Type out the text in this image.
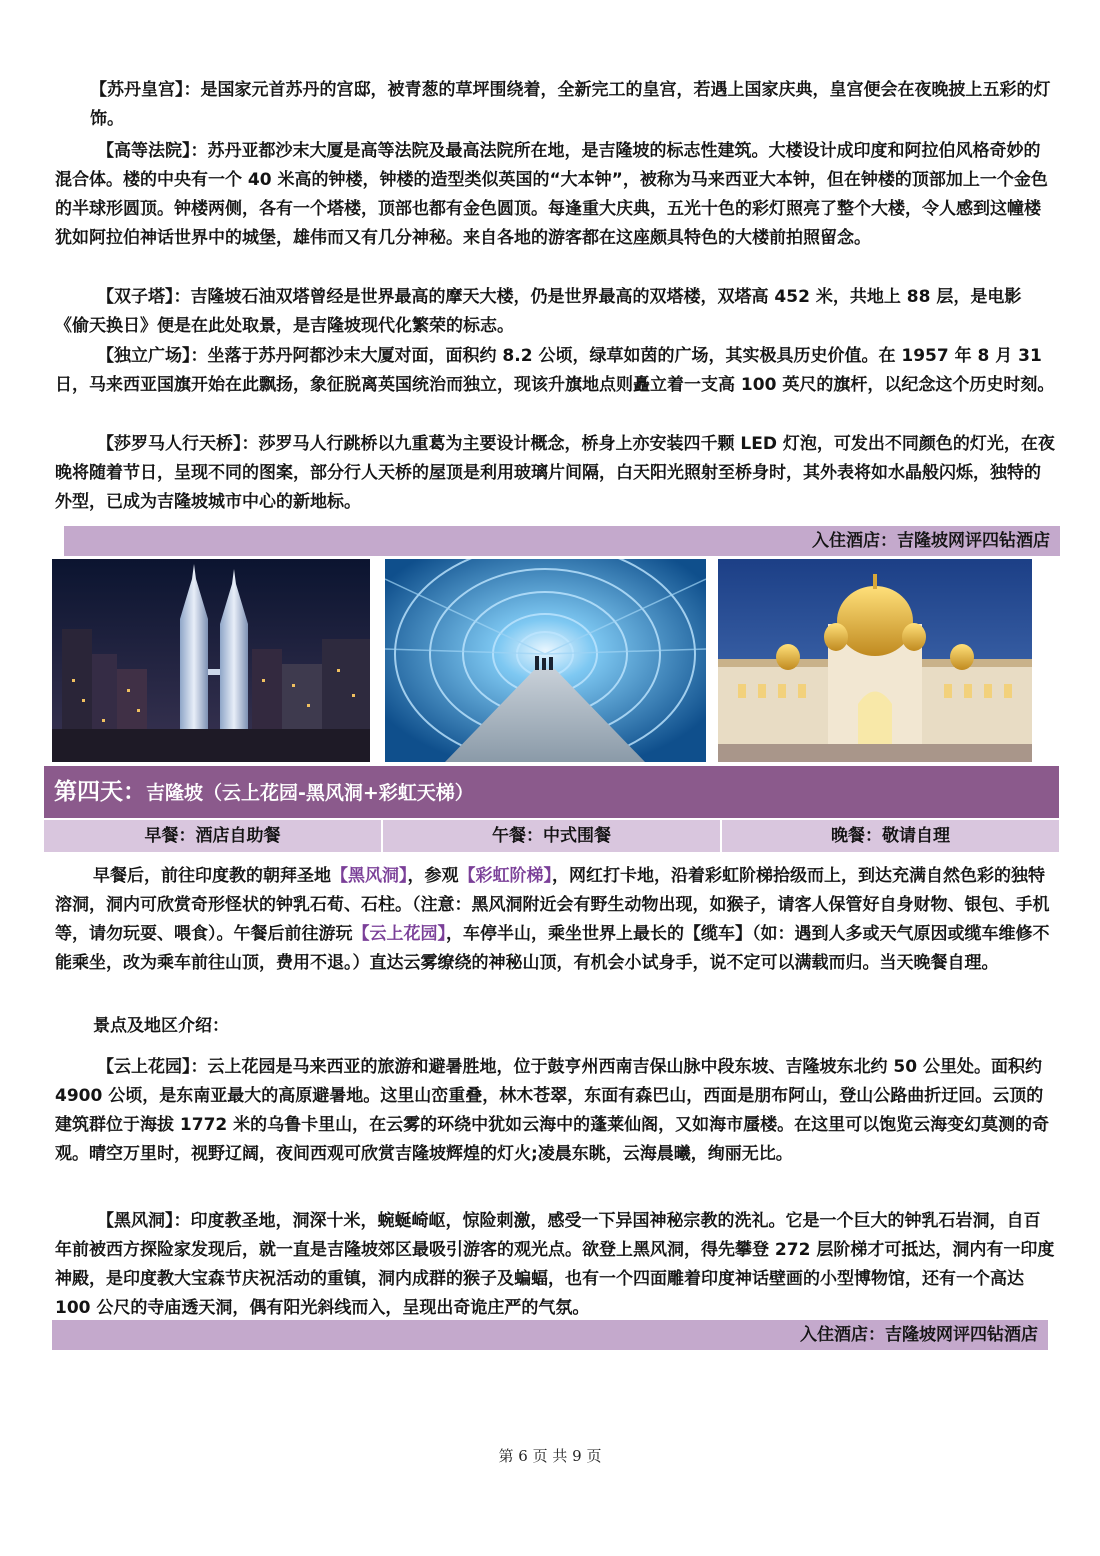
【苏丹皇宫】：是国家元首苏丹的宫邸，被青葱的草坪围绕着，全新完工的皇宫，若遇上国家庆典，皇宫便会在夜晚披上五彩的灯饰。

【高等法院】：苏丹亚都沙末大厦是高等法院及最高法院所在地，是吉隆坡的标志性建筑。大楼设计成印度和阿拉伯风格奇妙的混合体。楼的中央有一个 40 米高的钟楼，钟楼的造型类似英国的“大本钟”，被称为马来西亚大本钟，但在钟楼的顶部加上一个金色的半球形圆顶。钟楼两侧，各有一个塔楼，顶部也都有金色圆顶。每逢重大庆典，五光十色的彩灯照亮了整个大楼，令人感到这幢楼犹如阿拉伯神话世界中的城堡，雄伟而又有几分神秘。来自各地的游客都在这座颇具特色的大楼前拍照留念。

【双子塔】：吉隆坡石油双塔曾经是世界最高的摩天大楼，仍是世界最高的双塔楼，双塔高 452 米，共地上 88 层，是电影《偷天换日》便是在此处取景，是吉隆坡现代化繁荣的标志。

【独立广场】：坐落于苏丹阿都沙末大厦对面，面积约 8.2 公顷，绿草如茵的广场，其实极具历史价值。在 1957 年 8 月 31 日，马来西亚国旗开始在此飘扬，象征脱离英国统治而独立，现该升旗地点则矗立着一支高 100 英尺的旗杆，以纪念这个历史时刻。

【莎罗马人行天桥】：莎罗马人行跳桥以九重葛为主要设计概念，桥身上亦安装四千颗 LED 灯泡，可发出不同颜色的灯光，在夜晚将随着节日，呈现不同的图案，部分行人天桥的屋顶是利用玻璃片间隔，白天阳光照射至桥身时，其外表将如水晶般闪烁，独特的外型，已成为吉隆坡城市中心的新地标。

入住酒店：吉隆坡网评四钻酒店
第四天：吉隆坡（云上花园-黑风洞+彩虹天梯）
早餐：酒店自助餐	午餐：中式围餐	晚餐：敬请自理

早餐后，前往印度教的朝拜圣地【黑风洞】，参观【彩虹阶梯】，网红打卡地，沿着彩虹阶梯拾级而上，到达充满自然色彩的独特溶洞，洞内可欣赏奇形怪状的钟乳石荀、石柱。（注意：黑风洞附近会有野生动物出现，如猴子，请客人保管好自身财物、银包、手机等，请勿玩耍、喂食）。午餐后前往游玩【云上花园】，车停半山，乘坐世界上最长的【缆车】（如：遇到人多或天气原因或缆车维修不能乘坐，改为乘车前往山顶，费用不退。）直达云雾缭绕的神秘山顶，有机会小试身手，说不定可以满载而归。当天晚餐自理。

景点及地区介绍：

【云上花园】：云上花园是马来西亚的旅游和避暑胜地，位于鼓亨州西南吉保山脉中段东坡、吉隆坡东北约 50 公里处。面积约 4900 公顷，是东南亚最大的高原避暑地。这里山峦重叠，林木苍翠，东面有森巴山，西面是朋布阿山，登山公路曲折迂回。云顶的建筑群位于海拔 1772 米的乌鲁卡里山，在云雾的环绕中犹如云海中的蓬莱仙阁，又如海市蜃楼。在这里可以饱览云海变幻莫测的奇观。晴空万里时，视野辽阔，夜间西观可欣赏吉隆坡辉煌的灯火;凌晨东眺，云海晨曦，绚丽无比。

【黑风洞】：印度教圣地，洞深十米，蜿蜒崎岖，惊险刺激，感受一下异国神秘宗教的洗礼。它是一个巨大的钟乳石岩洞，自百年前被西方探险家发现后，就一直是吉隆坡郊区最吸引游客的观光点。欲登上黑风洞，得先攀登 272 层阶梯才可抵达，洞内有一印度神殿，是印度教大宝森节庆祝活动的重镇，洞内成群的猴子及蝙蝠，也有一个四面雕着印度神话壁画的小型博物馆，还有一个高达 100 公尺的寺庙透天洞，偶有阳光斜线而入，呈现出奇诡庄严的气氛。

入住酒店：吉隆坡网评四钻酒店
第 6 页 共 9 页
